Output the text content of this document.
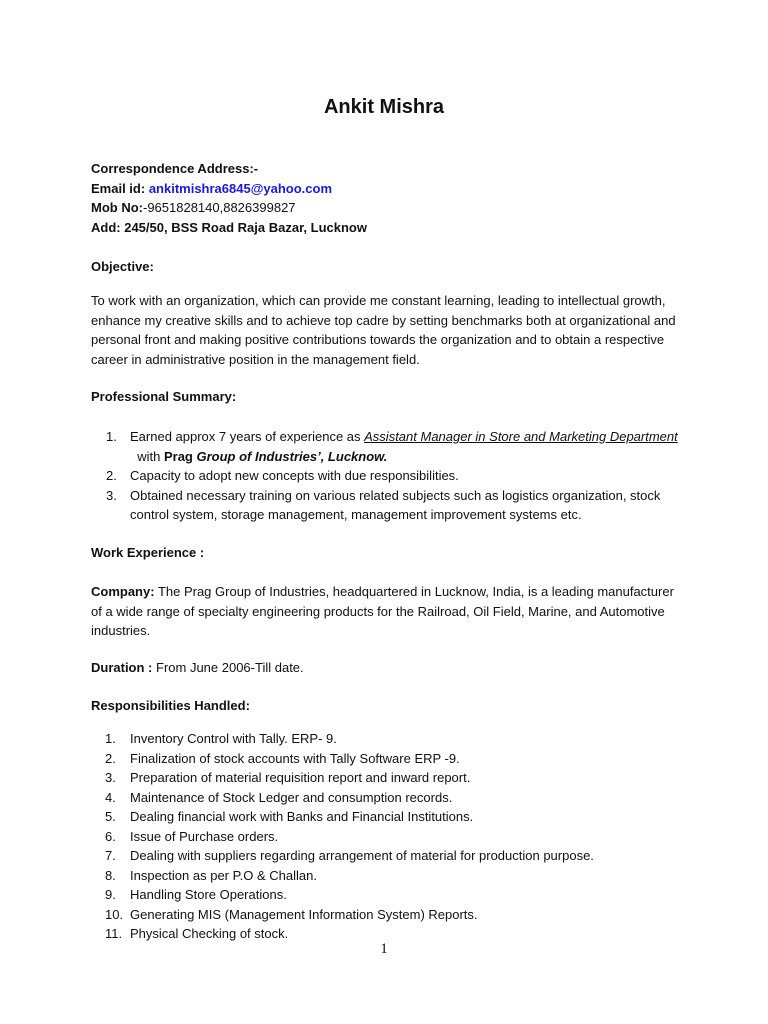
Ankit Mishra
Correspondence Address:-
Email id: ankitmishra6845@yahoo.com
Mob No:-9651828140,8826399827
Add: 245/50, BSS Road Raja Bazar, Lucknow
Objective:

To work with an organization, which can provide me constant learning, leading to intellectual growth, enhance my creative skills and to achieve top cadre by setting benchmarks both at organizational and personal front and making positive contributions towards the organization and to obtain a respective career in administrative position in the management field.

Professional Summary:
1. Earned approx 7 years of experience as Assistant Manager in Store and Marketing Department  with Prag Group of Industries’, Lucknow.
2. Capacity to adopt new concepts with due responsibilities.
3. Obtained necessary training on various related subjects such as logistics organization, stock control system, storage management, management improvement systems etc.
Work Experience :

Company: The Prag Group of Industries, headquartered in Lucknow, India, is a leading manufacturer of a wide range of specialty engineering products for the Railroad, Oil Field, Marine, and Automotive industries.

Duration : From June 2006-Till date.
Responsibilities Handled:
1. Inventory Control with Tally. ERP- 9.
2. Finalization of stock accounts with Tally Software ERP -9.
3. Preparation of material requisition report and inward report.
4. Maintenance of Stock Ledger and consumption records.
5. Dealing financial work with Banks and Financial Institutions.
6. Issue of Purchase orders.
7. Dealing with suppliers regarding arrangement of material for production purpose.
8. Inspection as per P.O & Challan.
9. Handling Store Operations.
10. Generating MIS (Management Information System) Reports.
11. Physical Checking of stock.
1
